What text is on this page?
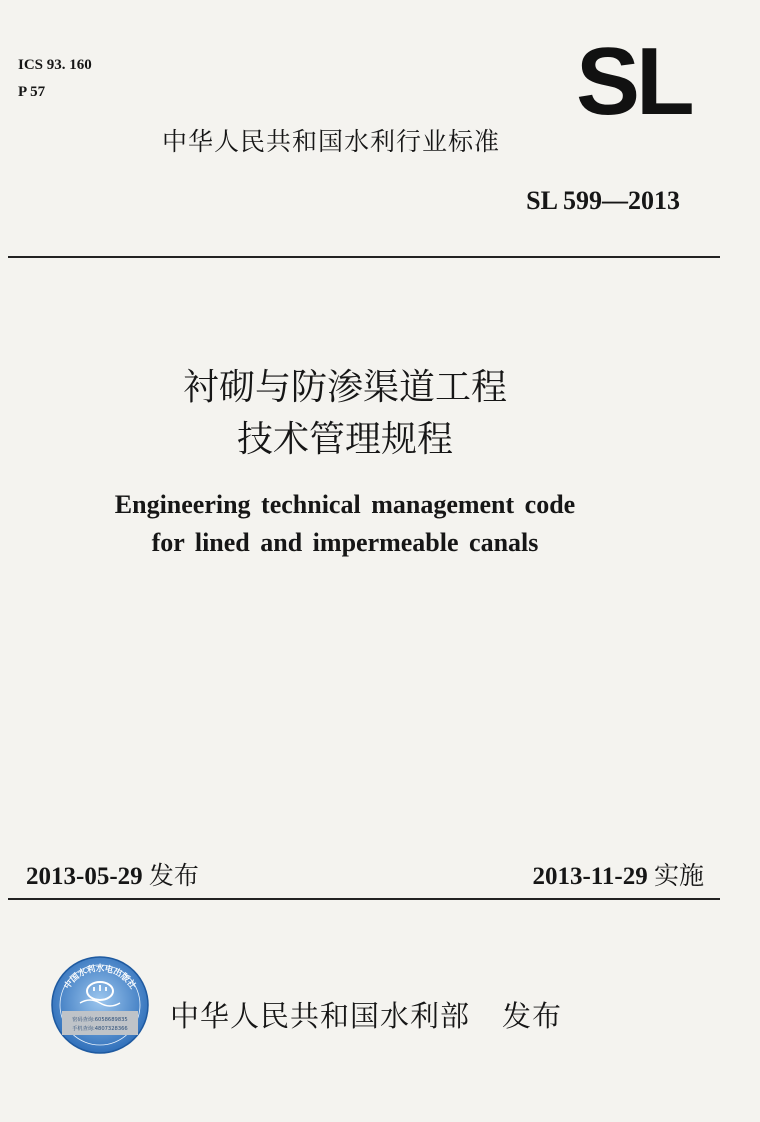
ICS 93. 160
P 57	SL
中华人民共和国水利行业标准
SL 599—2013
衬砌与防渗渠道工程
技术管理规程
Engineering technical management code
for lined and impermeable canals
2013-05-29 发布	2013-11-29 实施
中国水利水电出版社
密码查询:6058689835
手机查询:4807328366 中华人民共和国水利部 发布
